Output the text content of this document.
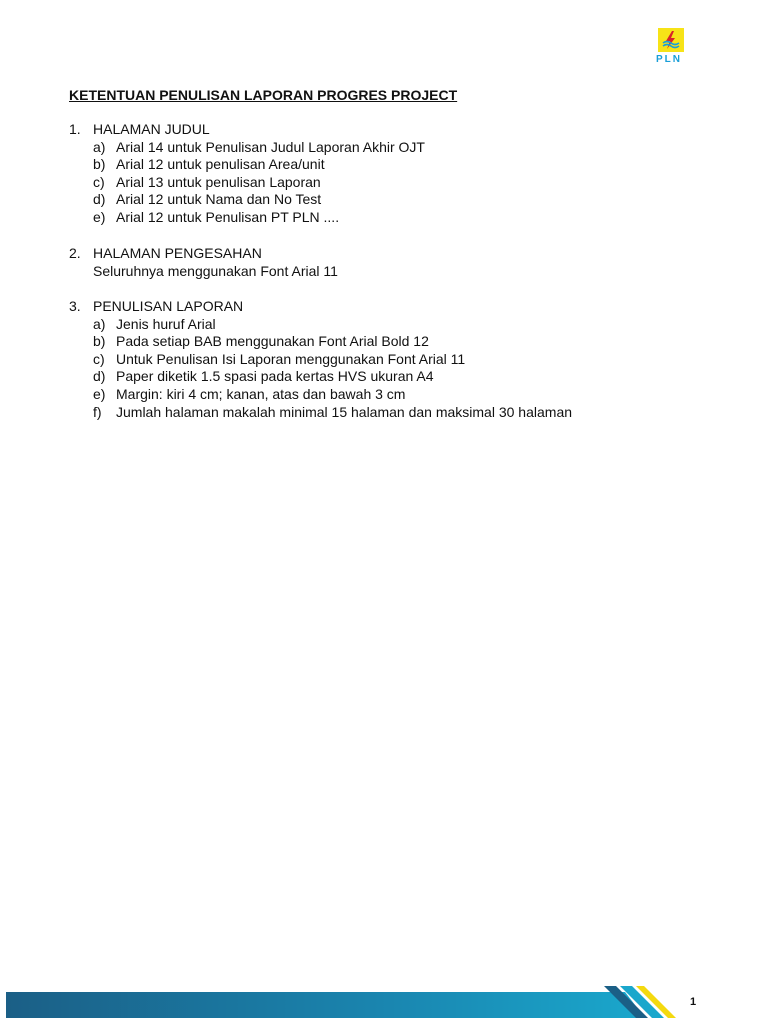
PLN
KETENTUAN PENULISAN LAPORAN PROGRES PROJECT
1. HALAMAN JUDUL
a) Arial 14 untuk Penulisan Judul Laporan Akhir OJT
b) Arial 12 untuk penulisan Area/unit
c) Arial 13 untuk penulisan Laporan
d) Arial 12 untuk Nama dan No Test
e) Arial 12 untuk Penulisan PT PLN ....
2. HALAMAN PENGESAHAN
Seluruhnya menggunakan Font Arial 11
3. PENULISAN LAPORAN
a) Jenis huruf Arial
b) Pada setiap BAB menggunakan Font Arial Bold 12
c) Untuk Penulisan Isi Laporan menggunakan Font Arial 11
d) Paper diketik 1.5 spasi pada kertas HVS ukuran A4
e) Margin: kiri 4 cm; kanan, atas dan bawah 3 cm
f)	Jumlah halaman makalah minimal 15 halaman dan maksimal 30 halaman
1
